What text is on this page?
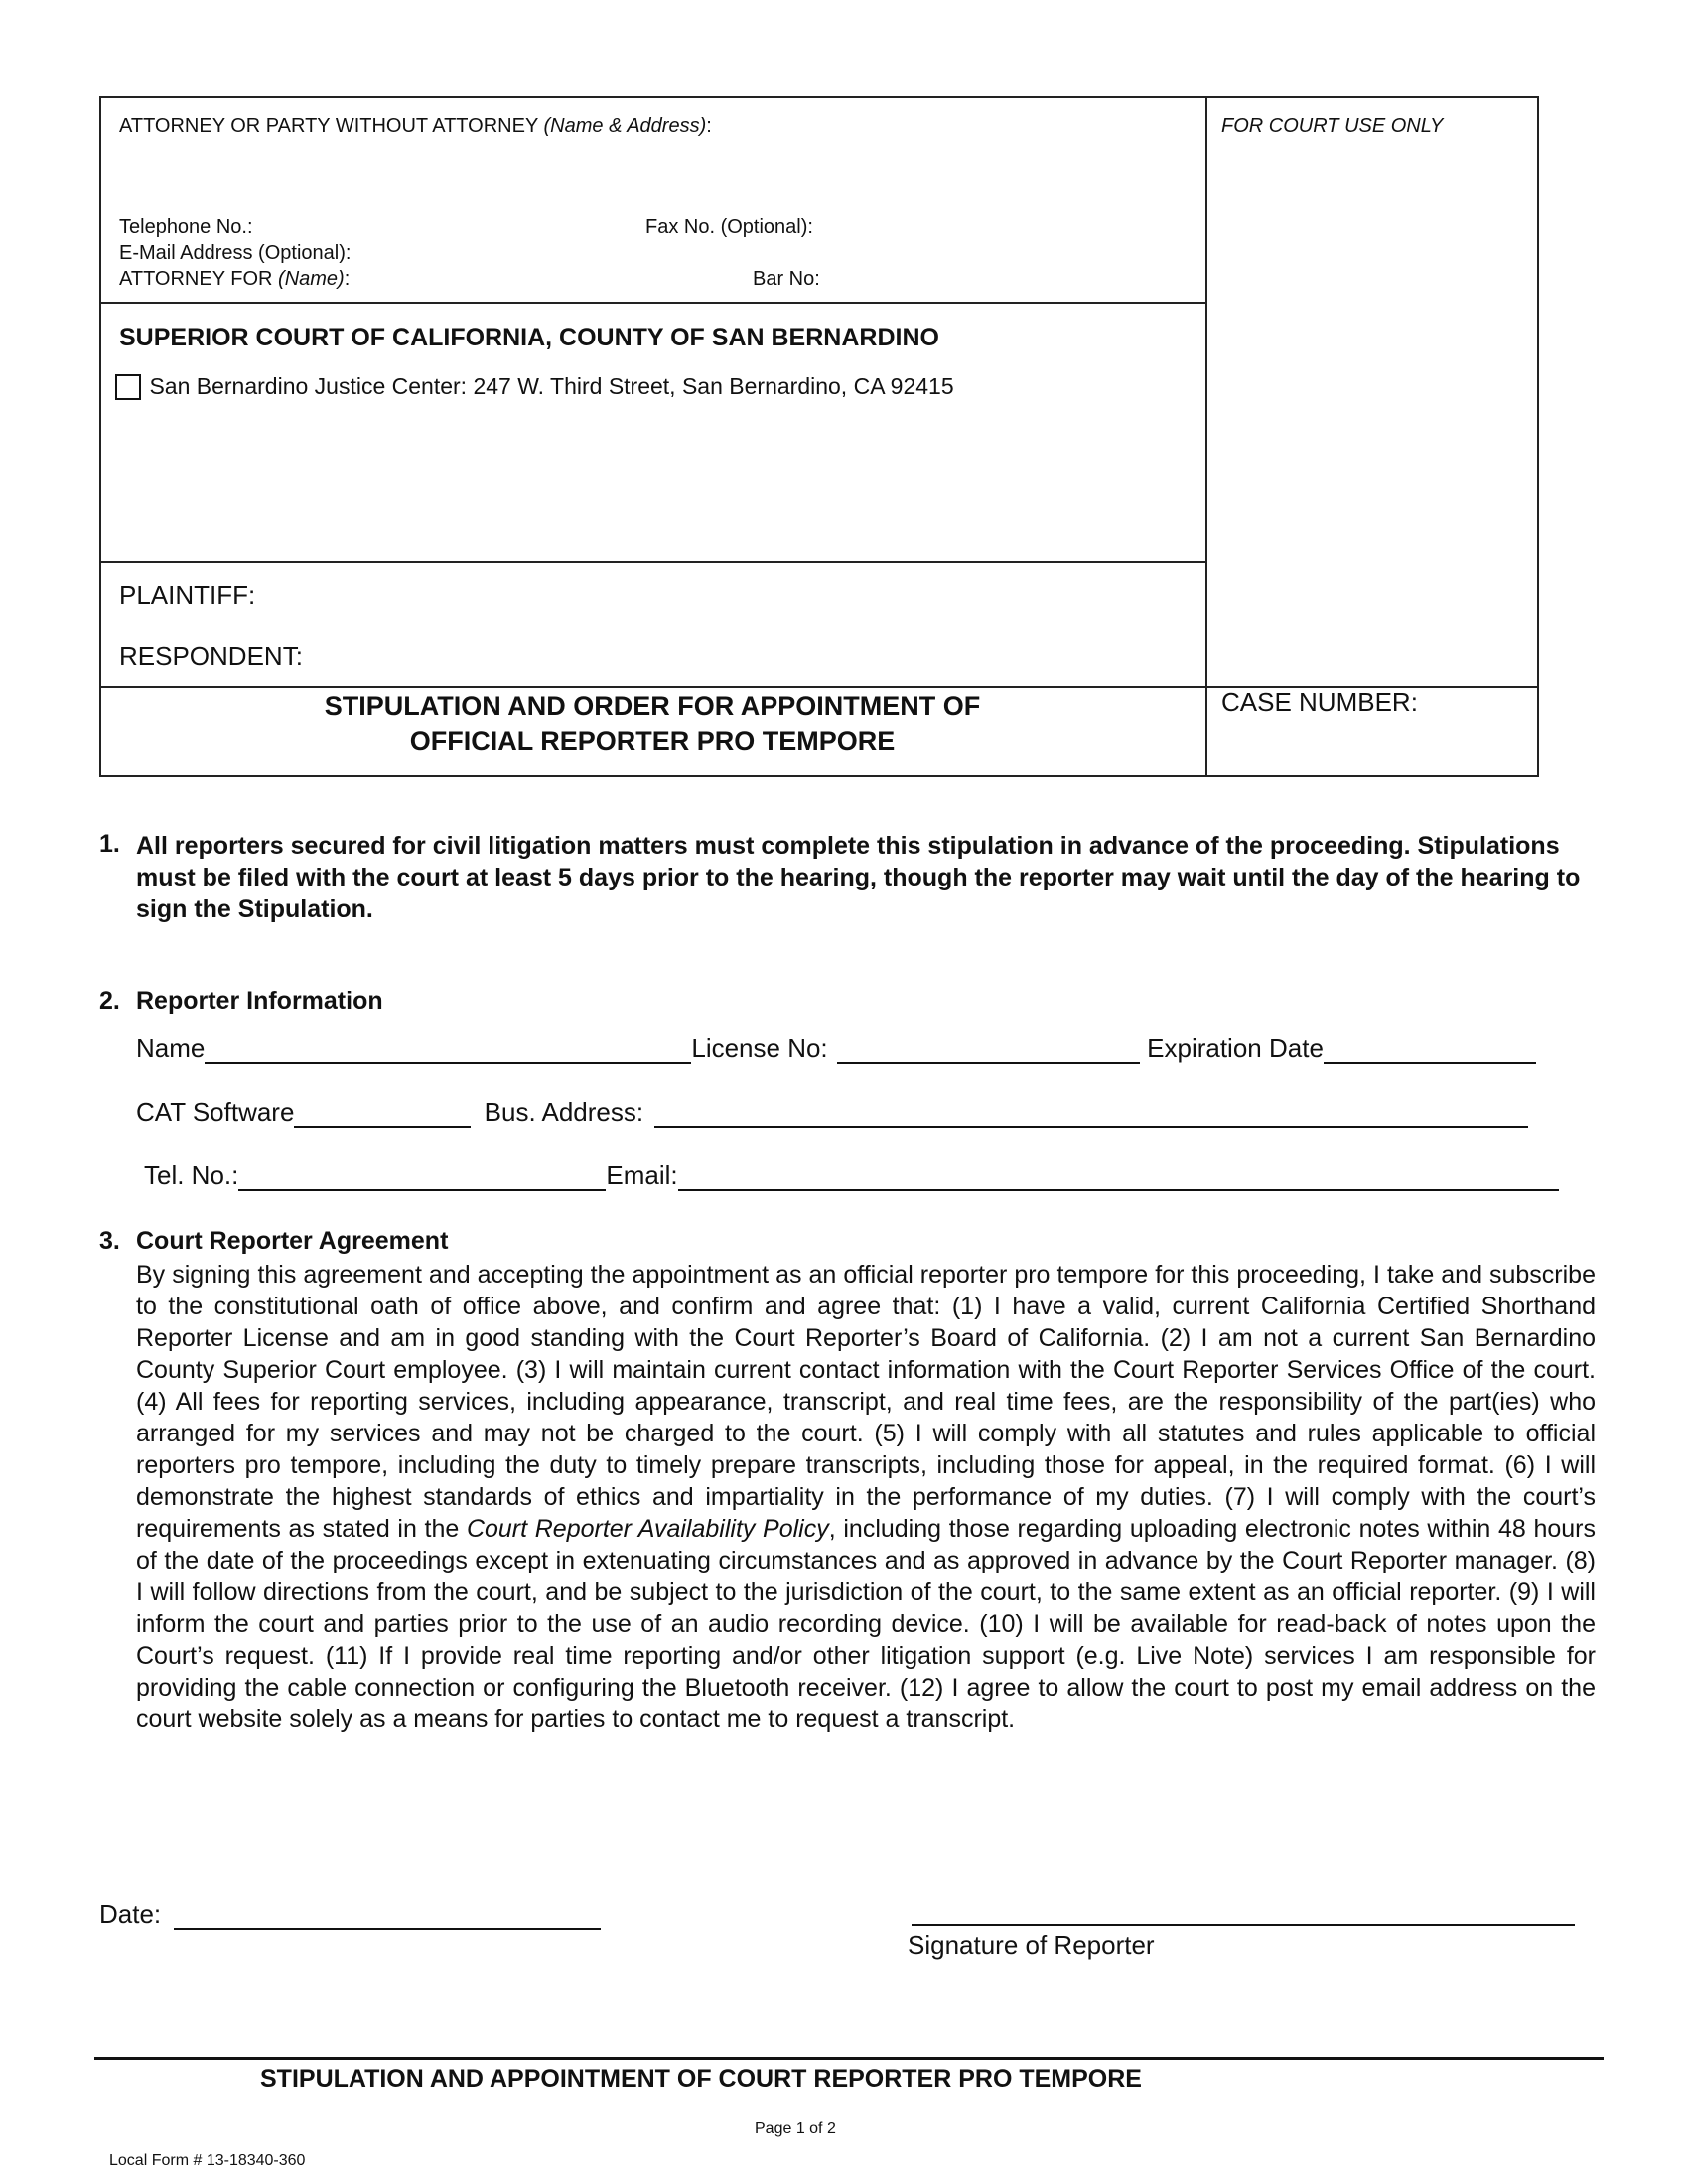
ATTORNEY OR PARTY WITHOUT ATTORNEY (Name & Address):	FOR COURT USE ONLY
Telephone No.:	Fax No. (Optional):
E-Mail Address (Optional):
ATTORNEY FOR (Name):	Bar No:
SUPERIOR COURT OF CALIFORNIA, COUNTY OF SAN BERNARDINO
San Bernardino Justice Center: 247 W. Third Street, San Bernardino, CA 92415
PLAINTIFF:
RESPONDENT:
STIPULATION AND ORDER FOR APPOINTMENT OF
OFFICIAL REPORTER PRO TEMPORE
CASE NUMBER:
1. All reporters secured for civil litigation matters must complete this stipulation in advance of the proceeding. Stipulations must be filed with the court at least 5 days prior to the hearing, though the reporter may wait until the day of the hearing to sign the Stipulation.
2. Reporter Information
Name	License No:	Expiration Date
CAT Software	Bus. Address:
Tel. No.:	Email:
3. Court Reporter Agreement
By signing this agreement and accepting the appointment as an official reporter pro tempore for this proceeding, I take and subscribe to the constitutional oath of office above, and confirm and agree that: (1) I have a valid, current California Certified Shorthand Reporter License and am in good standing with the Court Reporter’s Board of California. (2) I am not a current San Bernardino County Superior Court employee. (3) I will maintain current contact information with the Court Reporter Services Office of the court.(4) All fees for reporting services, including appearance, transcript, and real time fees, are the responsibility of the part(ies) who arranged for my services and may not be charged to the court. (5) I will comply with all statutes and rules applicable to official reporters pro tempore, including the duty to timely prepare transcripts, including those for appeal, in the required format. (6) I will demonstrate the highest standards of ethics and impartiality in the performance of my duties. (7) I will comply with the court’s requirements as stated in the Court Reporter Availability Policy, including those regarding uploading electronic notes within 48 hours of the date of the proceedings except in extenuating circumstances and as approved in advance by the Court Reporter manager. (8) I will follow directions from the court, and be subject to the jurisdiction of the court, to the same extent as an official reporter. (9) I will inform the court and parties prior to the use of an audio recording device. (10) I will be available for read-back of notes upon the Court’s request. (11) If I provide real time reporting and/or other litigation support (e.g. Live Note) services I am responsible for providing the cable connection or configuring the Bluetooth receiver. (12) I agree to allow the court to post my email address on the court website solely as a means for parties to contact me to request a transcript.
Date:
Signature of Reporter
STIPULATION AND APPOINTMENT OF COURT REPORTER PRO TEMPORE
Page 1 of 2
Local Form # 13-18340-360
